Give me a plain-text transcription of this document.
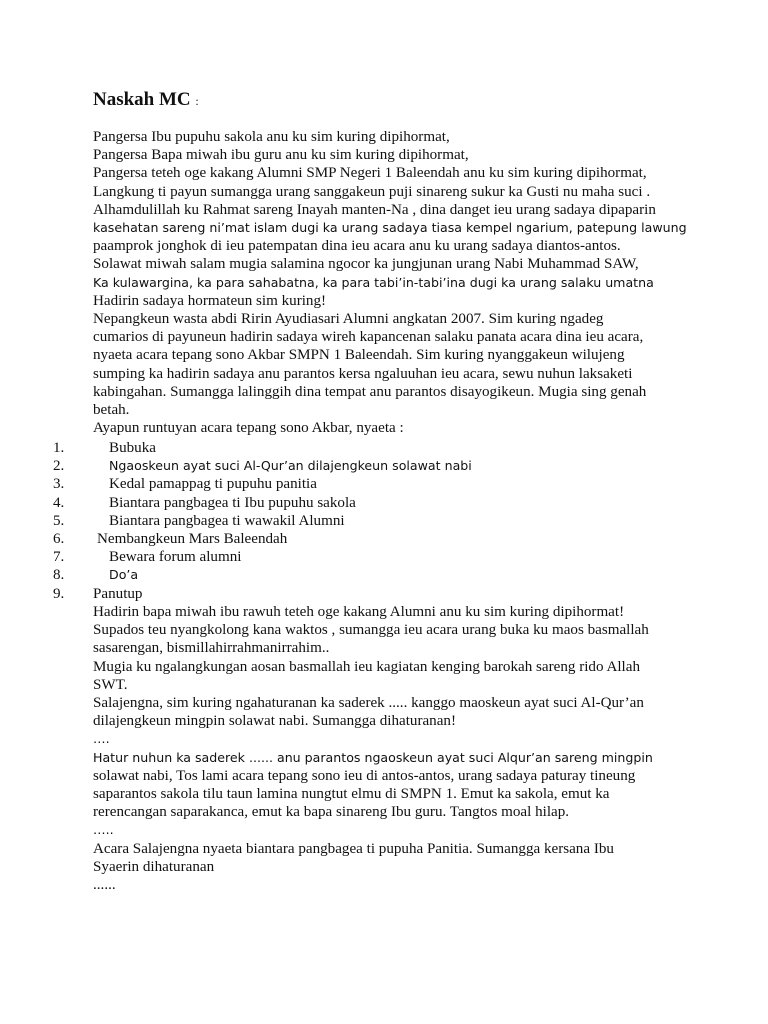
Naskah MC :

Pangersa Ibu pupuhu sakola anu ku sim kuring dipihormat,

Pangersa Bapa miwah ibu guru anu ku sim kuring dipihormat,

Pangersa teteh oge kakang Alumni SMP Negeri 1 Baleendah anu ku sim kuring dipihormat,

Langkung ti payun sumangga urang sanggakeun puji sinareng sukur ka Gusti nu maha suci .

Alhamdulillah ku Rahmat sareng Inayah manten-Na , dina danget ieu urang sadaya dipaparin

kasehatan sareng ni’mat islam dugi ka urang sadaya tiasa kempel ngarium, patepung lawung

paamprok jonghok di ieu patempatan dina ieu acara anu ku urang sadaya diantos-antos.

Solawat miwah salam mugia salamina ngocor ka jungjunan urang Nabi Muhammad SAW,

Ka kulawargina, ka para sahabatna, ka para tabi’in-tabi’ina dugi ka urang salaku umatna

Hadirin sadaya hormateun sim kuring!

Nepangkeun wasta abdi Ririn Ayudiasari Alumni angkatan 2007. Sim kuring ngadeg

cumarios di payuneun hadirin sadaya wireh kapancenan salaku panata acara dina ieu acara,

nyaeta acara tepang sono Akbar SMPN 1 Baleendah. Sim kuring nyanggakeun wilujeng

sumping ka hadirin sadaya anu parantos kersa ngaluuhan ieu acara, sewu nuhun laksaketi

kabingahan. Sumangga lalinggih dina tempat anu parantos disayogikeun. Mugia sing genah

betah.

Ayapun runtuyan acara tepang sono Akbar, nyaeta :

1.	Bubuka
2.	Ngaoskeun ayat suci Al-Qur’an dilajengkeun solawat nabi
3.	Kedal pamappag ti pupuhu panitia
4.	Biantara pangbagea ti Ibu pupuhu sakola
5.	Biantara pangbagea ti wawakil Alumni
6. Nembangkeun Mars Baleendah
7.	Bewara forum alumni
8.	Do’a
9. Panutup

Hadirin bapa miwah ibu rawuh teteh oge kakang Alumni anu ku sim kuring dipihormat!

Supados teu nyangkolong kana waktos , sumangga ieu acara urang buka ku maos basmallah

sasarengan, bismillahirrahmanirrahim..

Mugia ku ngalangkungan aosan basmallah ieu kagiatan kenging barokah sareng rido Allah

SWT.

Salajengna, sim kuring ngahaturanan ka saderek ..... kanggo maoskeun ayat suci Al-Qur’an

dilajengkeun mingpin solawat nabi. Sumangga dihaturanan!

….

Hatur nuhun ka saderek ...... anu parantos ngaoskeun ayat suci Alqur’an sareng mingpin

solawat nabi, Tos lami acara tepang sono ieu di antos-antos, urang sadaya paturay tineung

saparantos sakola tilu taun lamina nungtut elmu di SMPN 1. Emut ka sakola, emut ka

rerencangan saparakanca, emut ka bapa sinareng Ibu guru. Tangtos moal hilap.

…..

Acara Salajengna nyaeta biantara pangbagea ti pupuha Panitia. Sumangga kersana Ibu

Syaerin dihaturanan

......
